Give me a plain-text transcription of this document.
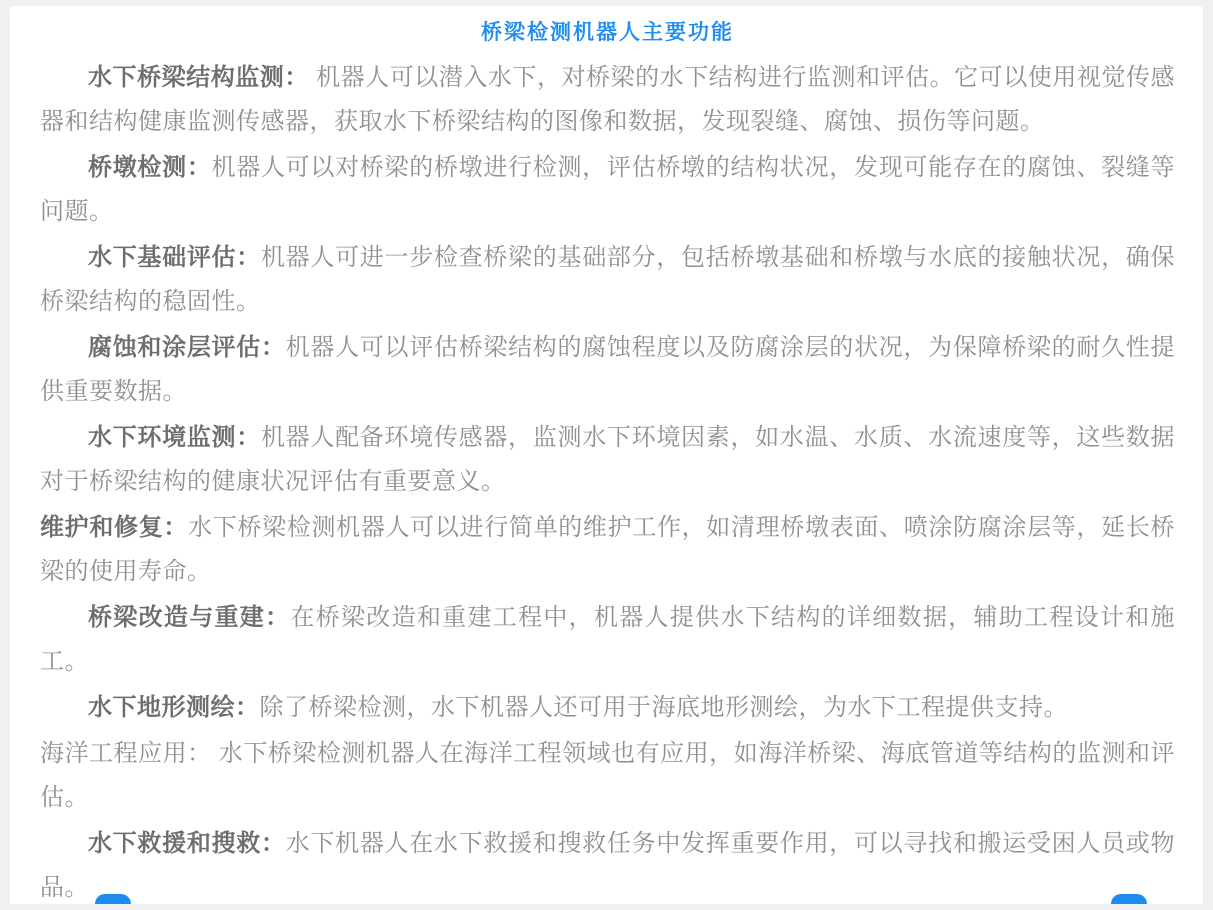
桥梁检测机器人主要功能

水下桥梁结构监测： 机器人可以潜入水下，对桥梁的水下结构进行监测和评估。它可以使用视觉传感器和结构健康监测传感器，获取水下桥梁结构的图像和数据，发现裂缝、腐蚀、损伤等问题。

桥墩检测：机器人可以对桥梁的桥墩进行检测，评估桥墩的结构状况，发现可能存在的腐蚀、裂缝等问题。

水下基础评估：机器人可进一步检查桥梁的基础部分，包括桥墩基础和桥墩与水底的接触状况，确保桥梁结构的稳固性。

腐蚀和涂层评估：机器人可以评估桥梁结构的腐蚀程度以及防腐涂层的状况，为保障桥梁的耐久性提供重要数据。

水下环境监测：机器人配备环境传感器，监测水下环境因素，如水温、水质、水流速度等，这些数据对于桥梁结构的健康状况评估有重要意义。

维护和修复：水下桥梁检测机器人可以进行简单的维护工作，如清理桥墩表面、喷涂防腐涂层等，延长桥梁的使用寿命。

桥梁改造与重建：在桥梁改造和重建工程中，机器人提供水下结构的详细数据，辅助工程设计和施工。

水下地形测绘：除了桥梁检测，水下机器人还可用于海底地形测绘，为水下工程提供支持。

海洋工程应用： 水下桥梁检测机器人在海洋工程领域也有应用，如海洋桥梁、海底管道等结构的监测和评估。

水下救援和搜救：水下机器人在水下救援和搜救任务中发挥重要作用，可以寻找和搬运受困人员或物品。
